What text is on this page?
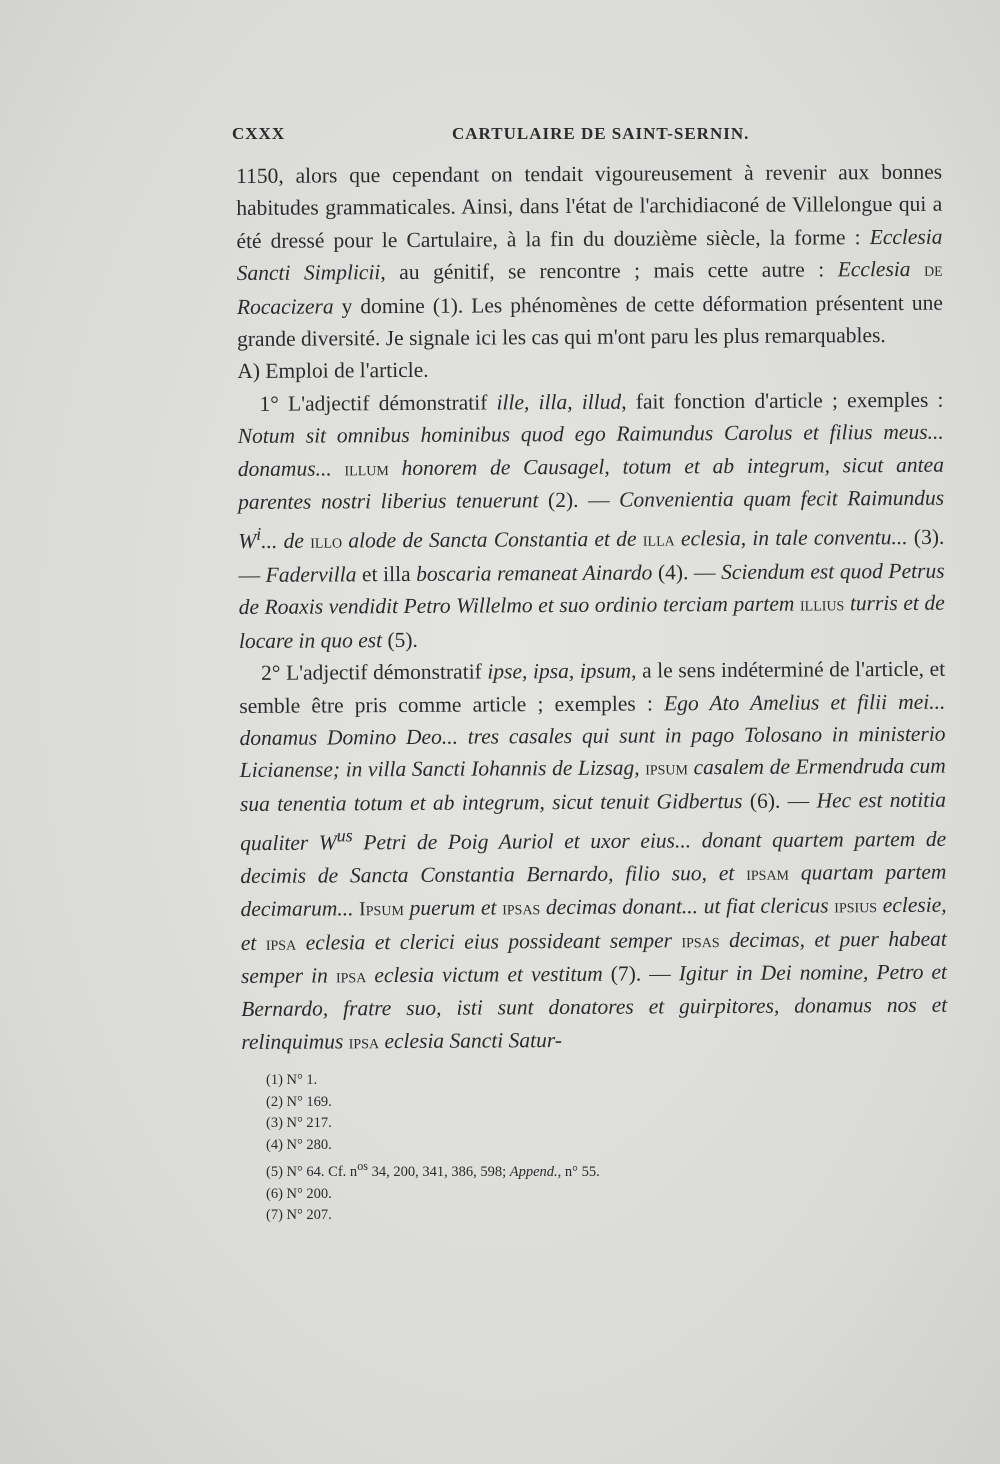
CXXX	CARTULAIRE DE SAINT-SERNIN.

1150, alors que cependant on tendait vigoureusement à revenir aux bonnes habitudes grammaticales. Ainsi, dans l'état de l'archidiaconé de Villelongue qui a été dressé pour le Cartulaire, à la fin du douzième siècle, la forme : Ecclesia Sancti Simplicii, au génitif, se rencontre ; mais cette autre : Ecclesia de Rocacizera y domine (1). Les phénomènes de cette déformation présentent une grande diversité. Je signale ici les cas qui m'ont paru les plus remarquables.

A) Emploi de l'article.

1° L'adjectif démonstratif ille, illa, illud, fait fonction d'article ; exemples : Notum sit omnibus hominibus quod ego Raimundus Carolus et filius meus... donamus... illum honorem de Causagel, totum et ab integrum, sicut antea parentes nostri liberius tenuerunt (2). — Convenientia quam fecit Raimundus $W^i$... de illo alode de Sancta Constantia et de illa eclesia, in tale conventu... (3). — Fadervilla et illa boscaria remaneat Ainardo (4). — Sciendum est quod Petrus de Roaxis vendidit Petro Willelmo et suo ordinio terciam partem illius turris et de locare in quo est (5).

2° L'adjectif démonstratif ipse, ipsa, ipsum, a le sens indéterminé de l'article, et semble être pris comme article ; exemples : Ego Ato Amelius et filii mei... donamus Domino Deo... tres casales qui sunt in pago Tolosano in ministerio Licianense; in villa Sancti Iohannis de Lizsag, ipsum casalem de Ermendruda cum sua tenentia totum et ab integrum, sicut tenuit Gidbertus (6). — Hec est notitia qualiter $W^{us}$ Petri de Poig Auriol et uxor eius... donant quartem partem de decimis de Sancta Constantia Bernardo, filio suo, et ipsam quartam partem decimarum... Ipsum puerum et ipsas decimas donant... ut fiat clericus ipsius eclesie, et ipsa eclesia et clerici eius possideant semper ipsas decimas, et puer habeat semper in ipsa eclesia victum et vestitum (7). — Igitur in Dei nomine, Petro et Bernardo, fratre suo, isti sunt donatores et guirpitores, donamus nos et relinquimus ipsa eclesia Sancti Satur-

(1) N° 1.
(2) N° 169.
(3) N° 217.
(4) N° 280.
(5) N° 64. Cf. $n^{os}$ 34, 200, 341, 386, 598; Append., n° 55.
(6) N° 200.
(7) N° 207.
